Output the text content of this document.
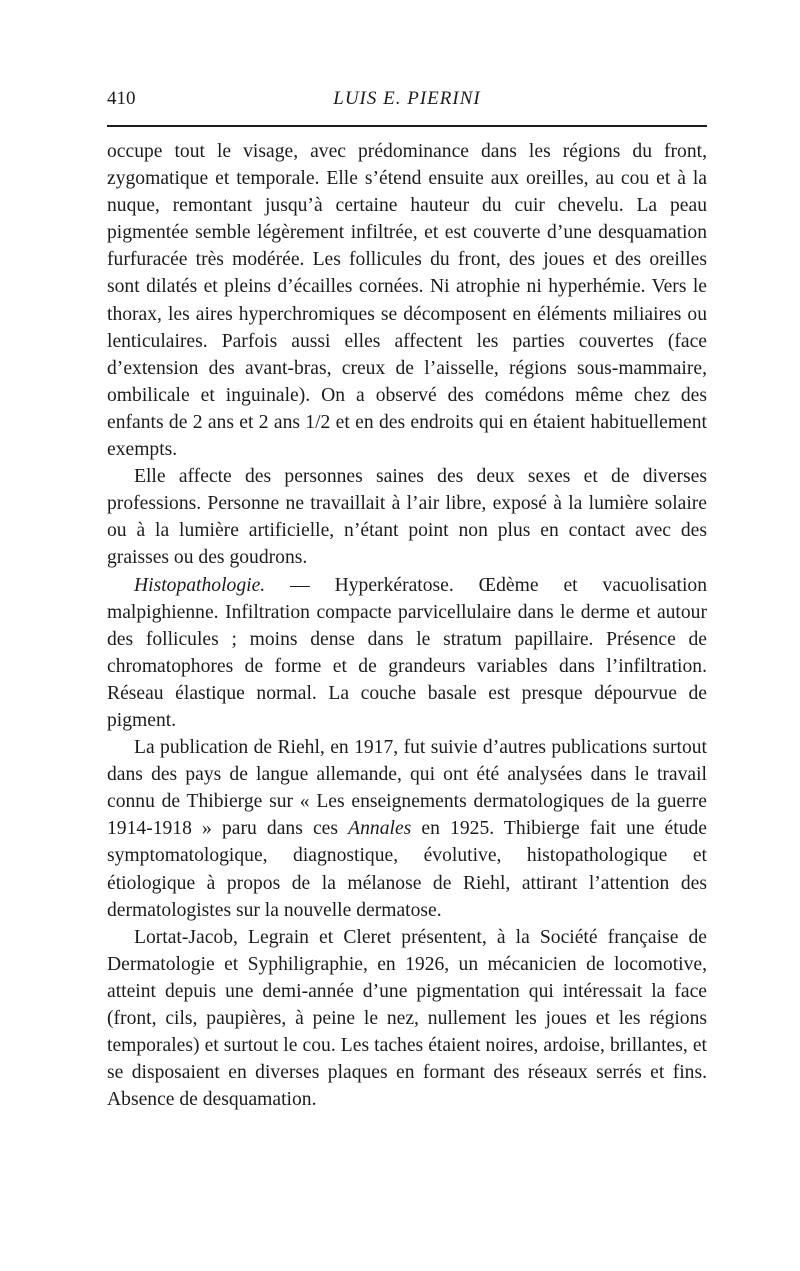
410	LUIS E. PIERINI

occupe tout le visage, avec prédominance dans les régions du front, zygomatique et temporale. Elle s’étend ensuite aux oreilles, au cou et à la nuque, remontant jusqu’à certaine hauteur du cuir chevelu. La peau pigmentée semble légèrement infiltrée, et est couverte d’une desquamation furfuracée très modérée. Les follicules du front, des joues et des oreilles sont dilatés et pleins d’écailles cornées. Ni atrophie ni hyperhémie. Vers le thorax, les aires hyperchromiques se décomposent en éléments miliaires ou lenticulaires. Parfois aussi elles affectent les parties couvertes (face d’extension des avant-bras, creux de l’aisselle, régions sous-mammaire, ombilicale et inguinale). On a observé des comédons même chez des enfants de 2 ans et 2 ans 1/2 et en des endroits qui en étaient habituellement exempts.

Elle affecte des personnes saines des deux sexes et de diverses professions. Personne ne travaillait à l’air libre, exposé à la lumière solaire ou à la lumière artificielle, n’étant point non plus en contact avec des graisses ou des goudrons.

Histopathologie. — Hyperkératose. Œdème et vacuolisation malpighienne. Infiltration compacte parvicellulaire dans le derme et autour des follicules ; moins dense dans le stratum papillaire. Présence de chromatophores de forme et de grandeurs variables dans l’infiltration. Réseau élastique normal. La couche basale est presque dépourvue de pigment.

La publication de Riehl, en 1917, fut suivie d’autres publications surtout dans des pays de langue allemande, qui ont été analysées dans le travail connu de Thibierge sur « Les enseignements dermatologiques de la guerre 1914-1918 » paru dans ces Annales en 1925. Thibierge fait une étude symptomatologique, diagnostique, évolutive, histopathologique et étiologique à propos de la mélanose de Riehl, attirant l’attention des dermatologistes sur la nouvelle dermatose.

Lortat-Jacob, Legrain et Cleret présentent, à la Société française de Dermatologie et Syphiligraphie, en 1926, un mécanicien de locomotive, atteint depuis une demi-année d’une pigmentation qui intéressait la face (front, cils, paupières, à peine le nez, nullement les joues et les régions temporales) et surtout le cou. Les taches étaient noires, ardoise, brillantes, et se disposaient en diverses plaques en formant des réseaux serrés et fins. Absence de desquamation.
